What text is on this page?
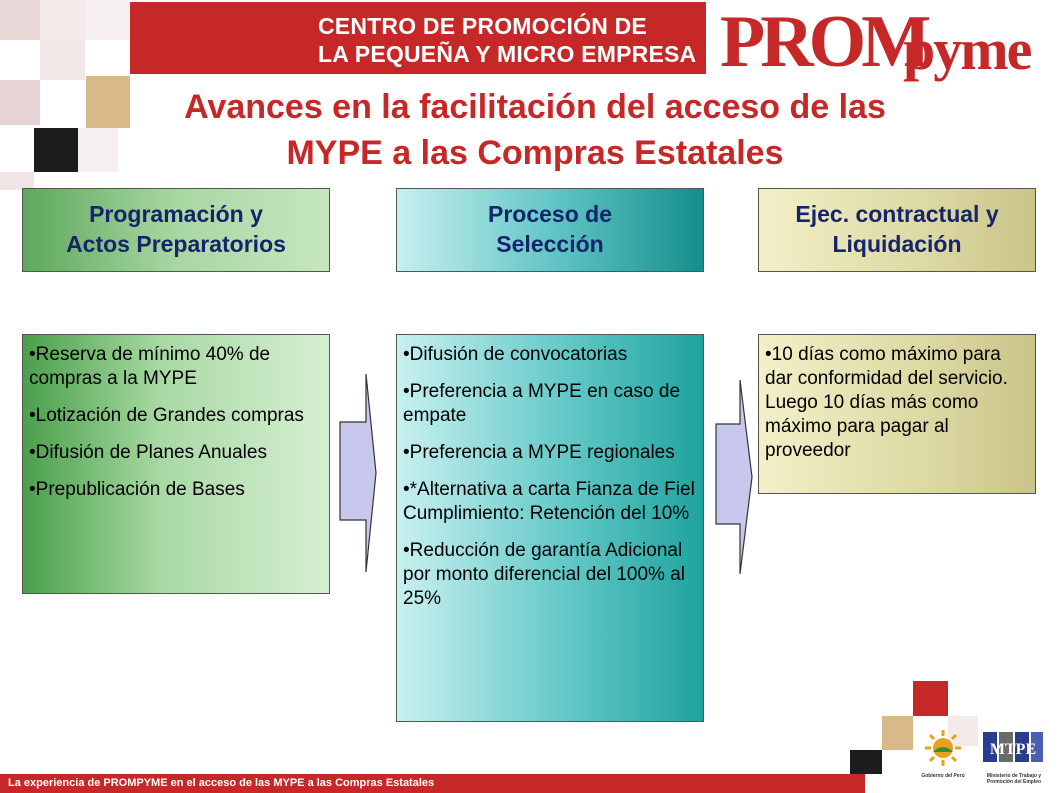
CENTRO DE PROMOCIÓN DE
LA PEQUEÑA Y MICRO EMPRESA PROM
pyme
Avances en la facilitación del acceso de las
MYPE a las Compras Estatales
Programación y
Actos Preparatorios
Proceso de
Selección
Ejec. contractual y
Liquidación

•Reserva de mínimo 40% de compras a la MYPE

•Lotización de Grandes compras

•Difusión de Planes Anuales

•Prepublicación de Bases

•Difusión de convocatorias

•Preferencia a MYPE en caso de empate

•Preferencia a MYPE regionales

•*Alternativa a carta Fianza de Fiel Cumplimiento: Retención del 10%

•Reducción de garantía Adicional por monto diferencial del 100% al 25%

•10 días como máximo para dar conformidad del servicio. Luego 10 días más como máximo para pagar al proveedor

La experiencia de PROMPYME en el acceso de las MYPE a las Compras Estatales
Gobierno del Perú
MTPE
Ministerio de Trabajo y Promoción del Empleo
